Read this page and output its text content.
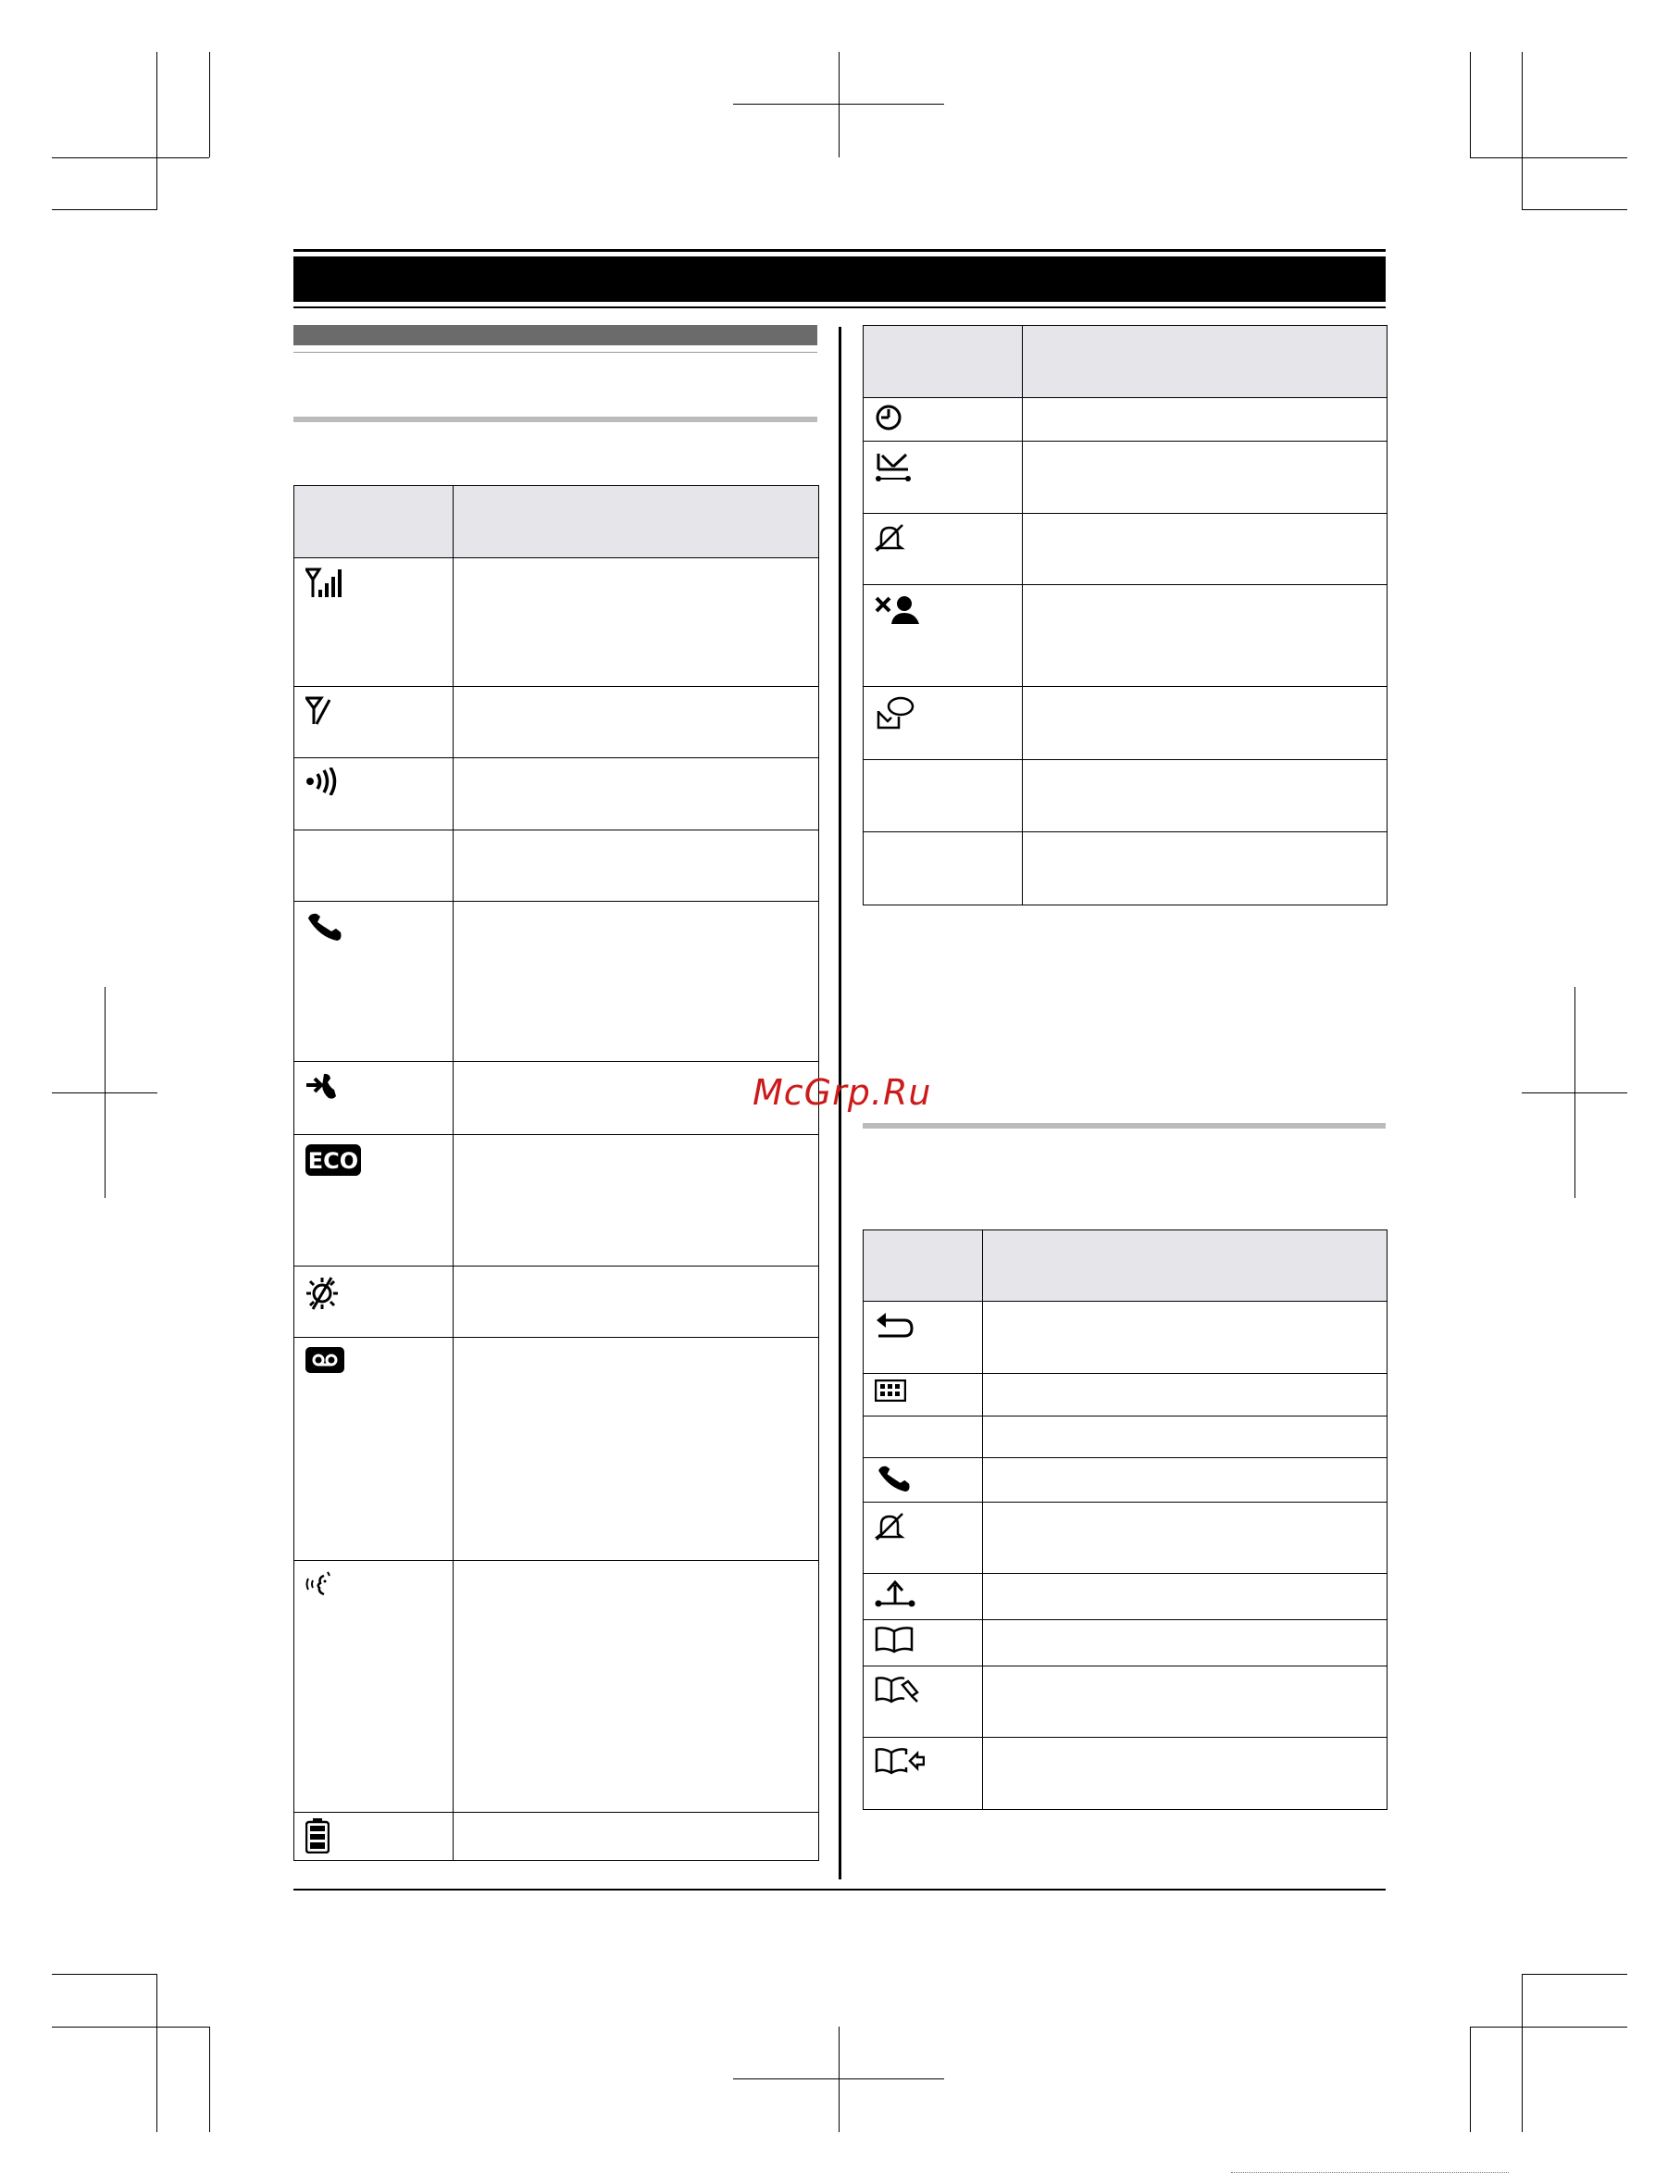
ECO	

McGrp.Ru
